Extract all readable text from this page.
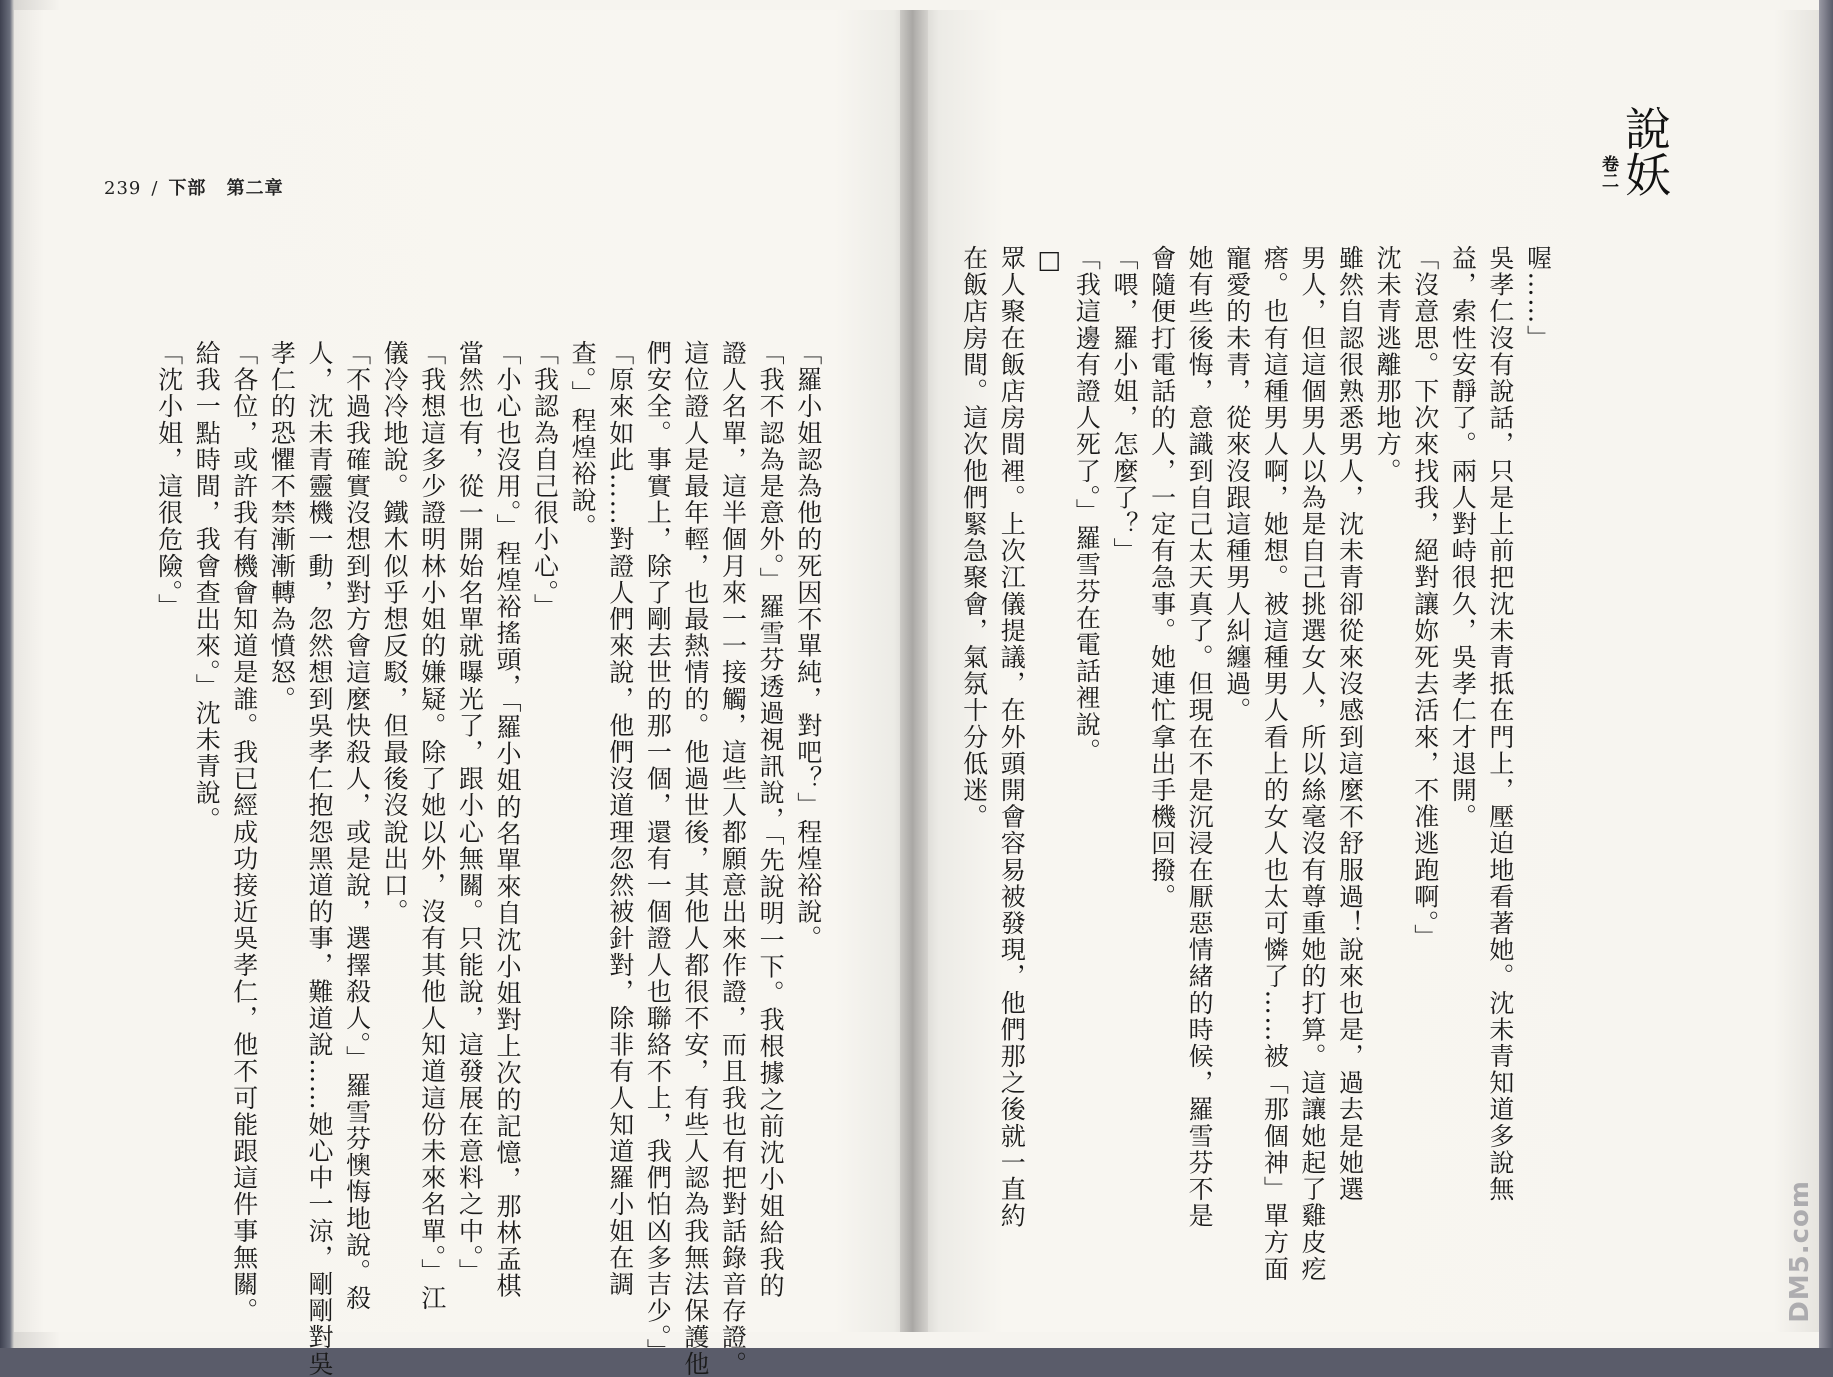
239 / 下部 第二章
「羅小姐認為他的死因不單純，對吧？」程煌裕說。
「我不認為是意外。」羅雪芬透過視訊說，「先說明一下。我根據之前沈小姐給我的
證人名單，這半個月來一一接觸，這些人都願意出來作證，而且我也有把對話錄音存證。
這位證人是最年輕，也最熱情的。他過世後，其他人都很不安，有些人認為我無法保護他
們安全。事實上，除了剛去世的那一個，還有一個證人也聯絡不上，我們怕凶多吉少。」
「原來如此……對證人們來說，他們沒道理忽然被針對，除非有人知道羅小姐在調
查。」程煌裕說。
「我認為自己很小心。」
「小心也沒用。」程煌裕搖頭，「羅小姐的名單來自沈小姐對上次的記憶，那林孟棋
當然也有，從一開始名單就曝光了，跟小心無關。只能說，這發展在意料之中。」
「我想這多少證明林小姐的嫌疑。除了她以外，沒有其他人知道這份未來名單。」江
儀冷冷地說。鐵木似乎想反駁，但最後沒說出口。
「不過我確實沒想到對方會這麼快殺人，或是說，選擇殺人。」羅雪芬懊悔地說。殺
人，沈未青靈機一動，忽然想到吳孝仁抱怨黑道的事，難道說……她心中一涼，剛剛對吳
孝仁的恐懼不禁漸漸轉為憤怒。
「各位，或許我有機會知道是誰。我已經成功接近吳孝仁，他不可能跟這件事無關。
給我一點時間，我會查出來。」沈未青說。
「沈小姐，這很危險。」
卷二 說妖
喔……」
吳孝仁沒有說話，只是上前把沈未青抵在門上，壓迫地看著她。沈未青知道多說無
益，索性安靜了。兩人對峙很久，吳孝仁才退開。
「沒意思。下次來找我，絕對讓妳死去活來，不准逃跑啊。」
沈未青逃離那地方。
雖然自認很熟悉男人，沈未青卻從來沒感到這麼不舒服過！說來也是，過去是她選
男人，但這個男人以為是自己挑選女人，所以絲毫沒有尊重她的打算。這讓她起了雞皮疙
瘩。也有這種男人啊，她想。被這種男人看上的女人也太可憐了……被「那個神」單方面
寵愛的未青，從來沒跟這種男人糾纏過。
她有些後悔，意識到自己太天真了。但現在不是沉浸在厭惡情緒的時候，羅雪芬不是
會隨便打電話的人，一定有急事。她連忙拿出手機回撥。
「喂，羅小姐，怎麼了？」
「我這邊有證人死了。」羅雪芬在電話裡說。
□
眾人聚在飯店房間裡。上次江儀提議，在外頭開會容易被發現，他們那之後就一直約
在飯店房間。這次他們緊急聚會，氣氛十分低迷。
DM5.com
